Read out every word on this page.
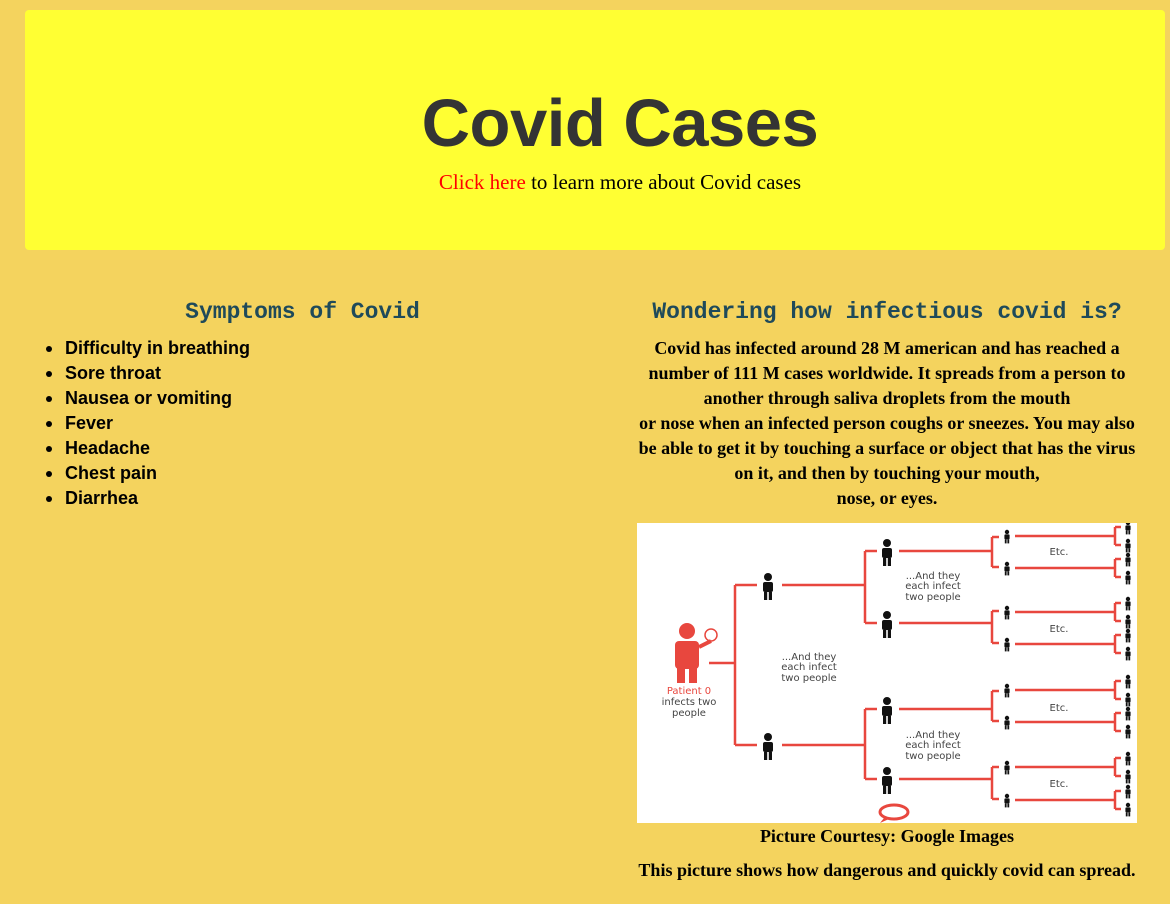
Covid Cases
Click here to learn more about Covid cases
Symptoms of Covid
Difficulty in breathing
Sore throat
Nausea or vomiting
Fever
Headache
Chest pain
Diarrhea
Wondering how infectious covid is?
Covid has infected around 28 M american and has reached a
number of 111 M cases worldwide. It spreads from a person to
another through saliva droplets from the mouth
or nose when an infected person coughs or sneezes. You may also
be able to get it by touching a surface or object that has the virus
on it, and then by touching your mouth,
nose, or eyes.
Patient 0
infects two
people
...And they
each infect
two people
...And they
each infect
two people
...And they
each infect
two people
Etc.
Etc.
Etc.
Etc.
Picture Courtesy: Google Images
This picture shows how dangerous and quickly covid can spread.
